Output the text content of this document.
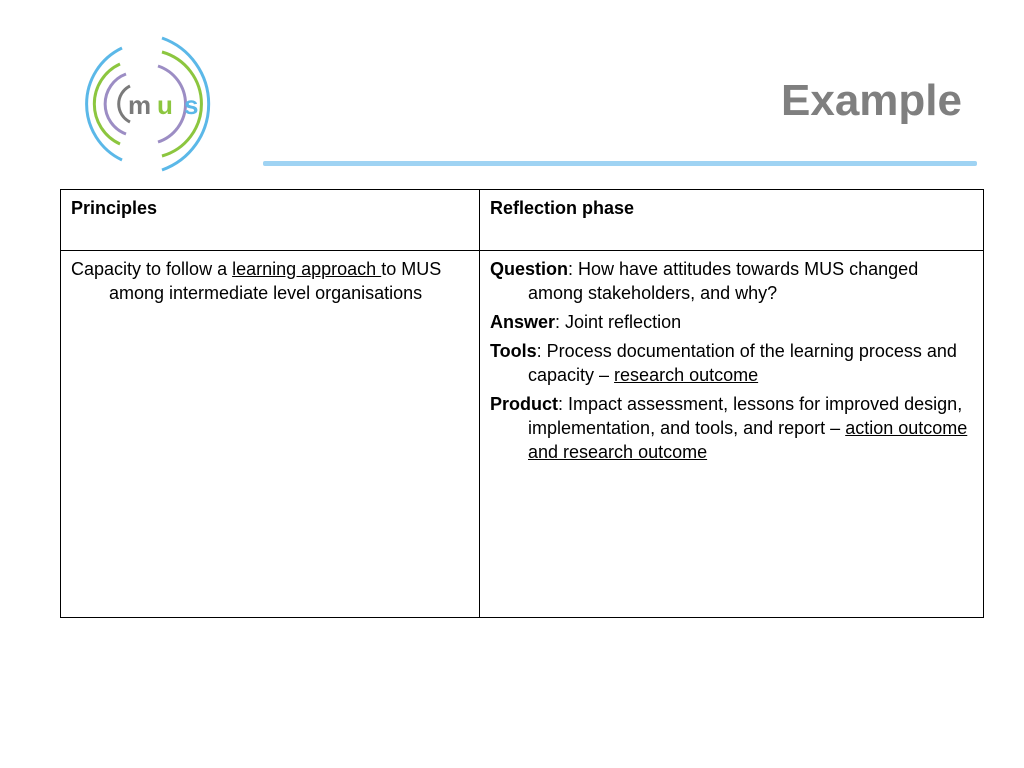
m u s	Example
Principles	Reflection phase

Capacity to follow a learning approach to MUS among intermediate level organisations	Question: How have attitudes towards MUS changed among stakeholders, and why?

Answer: Joint reflection

Tools: Process documentation of the learning process and capacity – research outcome

Product: Impact assessment, lessons for improved design, implementation, and tools, and report – action outcome and research outcome
